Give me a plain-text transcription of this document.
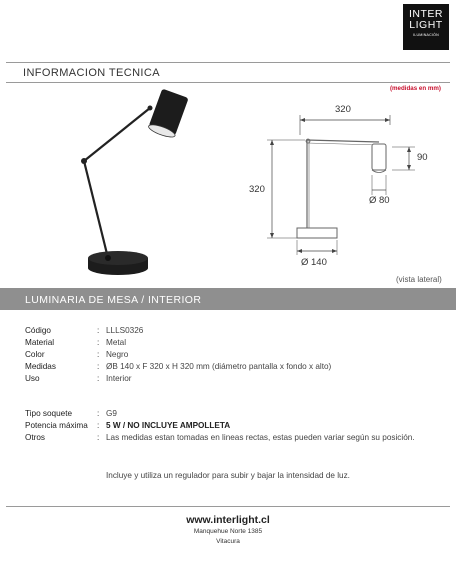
INTER
LIGHT
ILUMINACIÓN
INFORMACION TECNICA
(medidas en mm)
320
320
90
Ø 80
Ø 140
(vista lateral)
LUMINARIA DE MESA / INTERIOR
Código	: LLLS0326
Material	: Metal
Color	: Negro
Medidas	: ØB 140 x F 320 x H 320 mm (diámetro pantalla x fondo x alto)
Uso	: Interior
Tipo soquete	: G9
Potencia máxima	: 5 W / NO INCLUYE AMPOLLETA
Otros	: Las medidas estan tomadas en lineas rectas, estas pueden variar según su posición.
Incluye y utiliza un regulador para subir y bajar la intensidad de luz.
www.interlight.cl
Manquehue Norte 1385
Vitacura
